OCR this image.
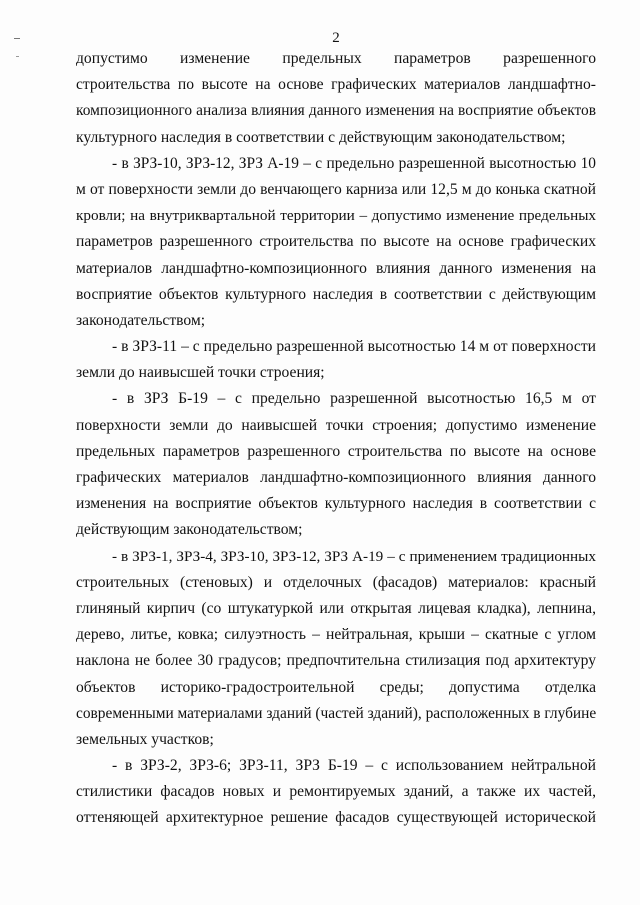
2
допустимо изменение предельных параметров разрешенного
строительства по высоте на основе графических материалов ландшафтно-
композиционного анализа влияния данного изменения на восприятие объектов
культурного наследия в соответствии с действующим законодательством;
- в ЗРЗ-10, ЗРЗ-12, ЗРЗ А-19 – с предельно разрешенной высотностью 10
м от поверхности земли до венчающего карниза или 12,5 м до конька скатной
кровли; на внутриквартальной территории – допустимо изменение предельных
параметров разрешенного строительства по высоте на основе графических
материалов ландшафтно-композиционного влияния данного изменения на
восприятие объектов культурного наследия в соответствии с действующим
законодательством;
- в ЗРЗ-11 – с предельно разрешенной высотностью 14 м от поверхности
земли до наивысшей точки строения;
- в ЗРЗ Б-19 – с предельно разрешенной высотностью 16,5 м от
поверхности земли до наивысшей точки строения; допустимо изменение
предельных параметров разрешенного строительства по высоте на основе
графических материалов ландшафтно-композиционного влияния данного
изменения на восприятие объектов культурного наследия в соответствии с
действующим законодательством;
- в ЗРЗ-1, ЗРЗ-4, ЗРЗ-10, ЗРЗ-12, ЗРЗ А-19 – с применением традиционных
строительных (стеновых) и отделочных (фасадов) материалов: красный
глиняный кирпич (со штукатуркой или открытая лицевая кладка), лепнина,
дерево, литье, ковка; силуэтность – нейтральная, крыши – скатные с углом
наклона не более 30 градусов; предпочтительна стилизация под архитектуру
объектов историко-градостроительной среды; допустима отделка
современными материалами зданий (частей зданий), расположенных в глубине
земельных участков;
- в ЗРЗ-2, ЗРЗ-6; ЗРЗ-11, ЗРЗ Б-19 – с использованием нейтральной
стилистики фасадов новых и ремонтируемых зданий, а также их частей,
оттеняющей архитектурное решение фасадов существующей исторической
